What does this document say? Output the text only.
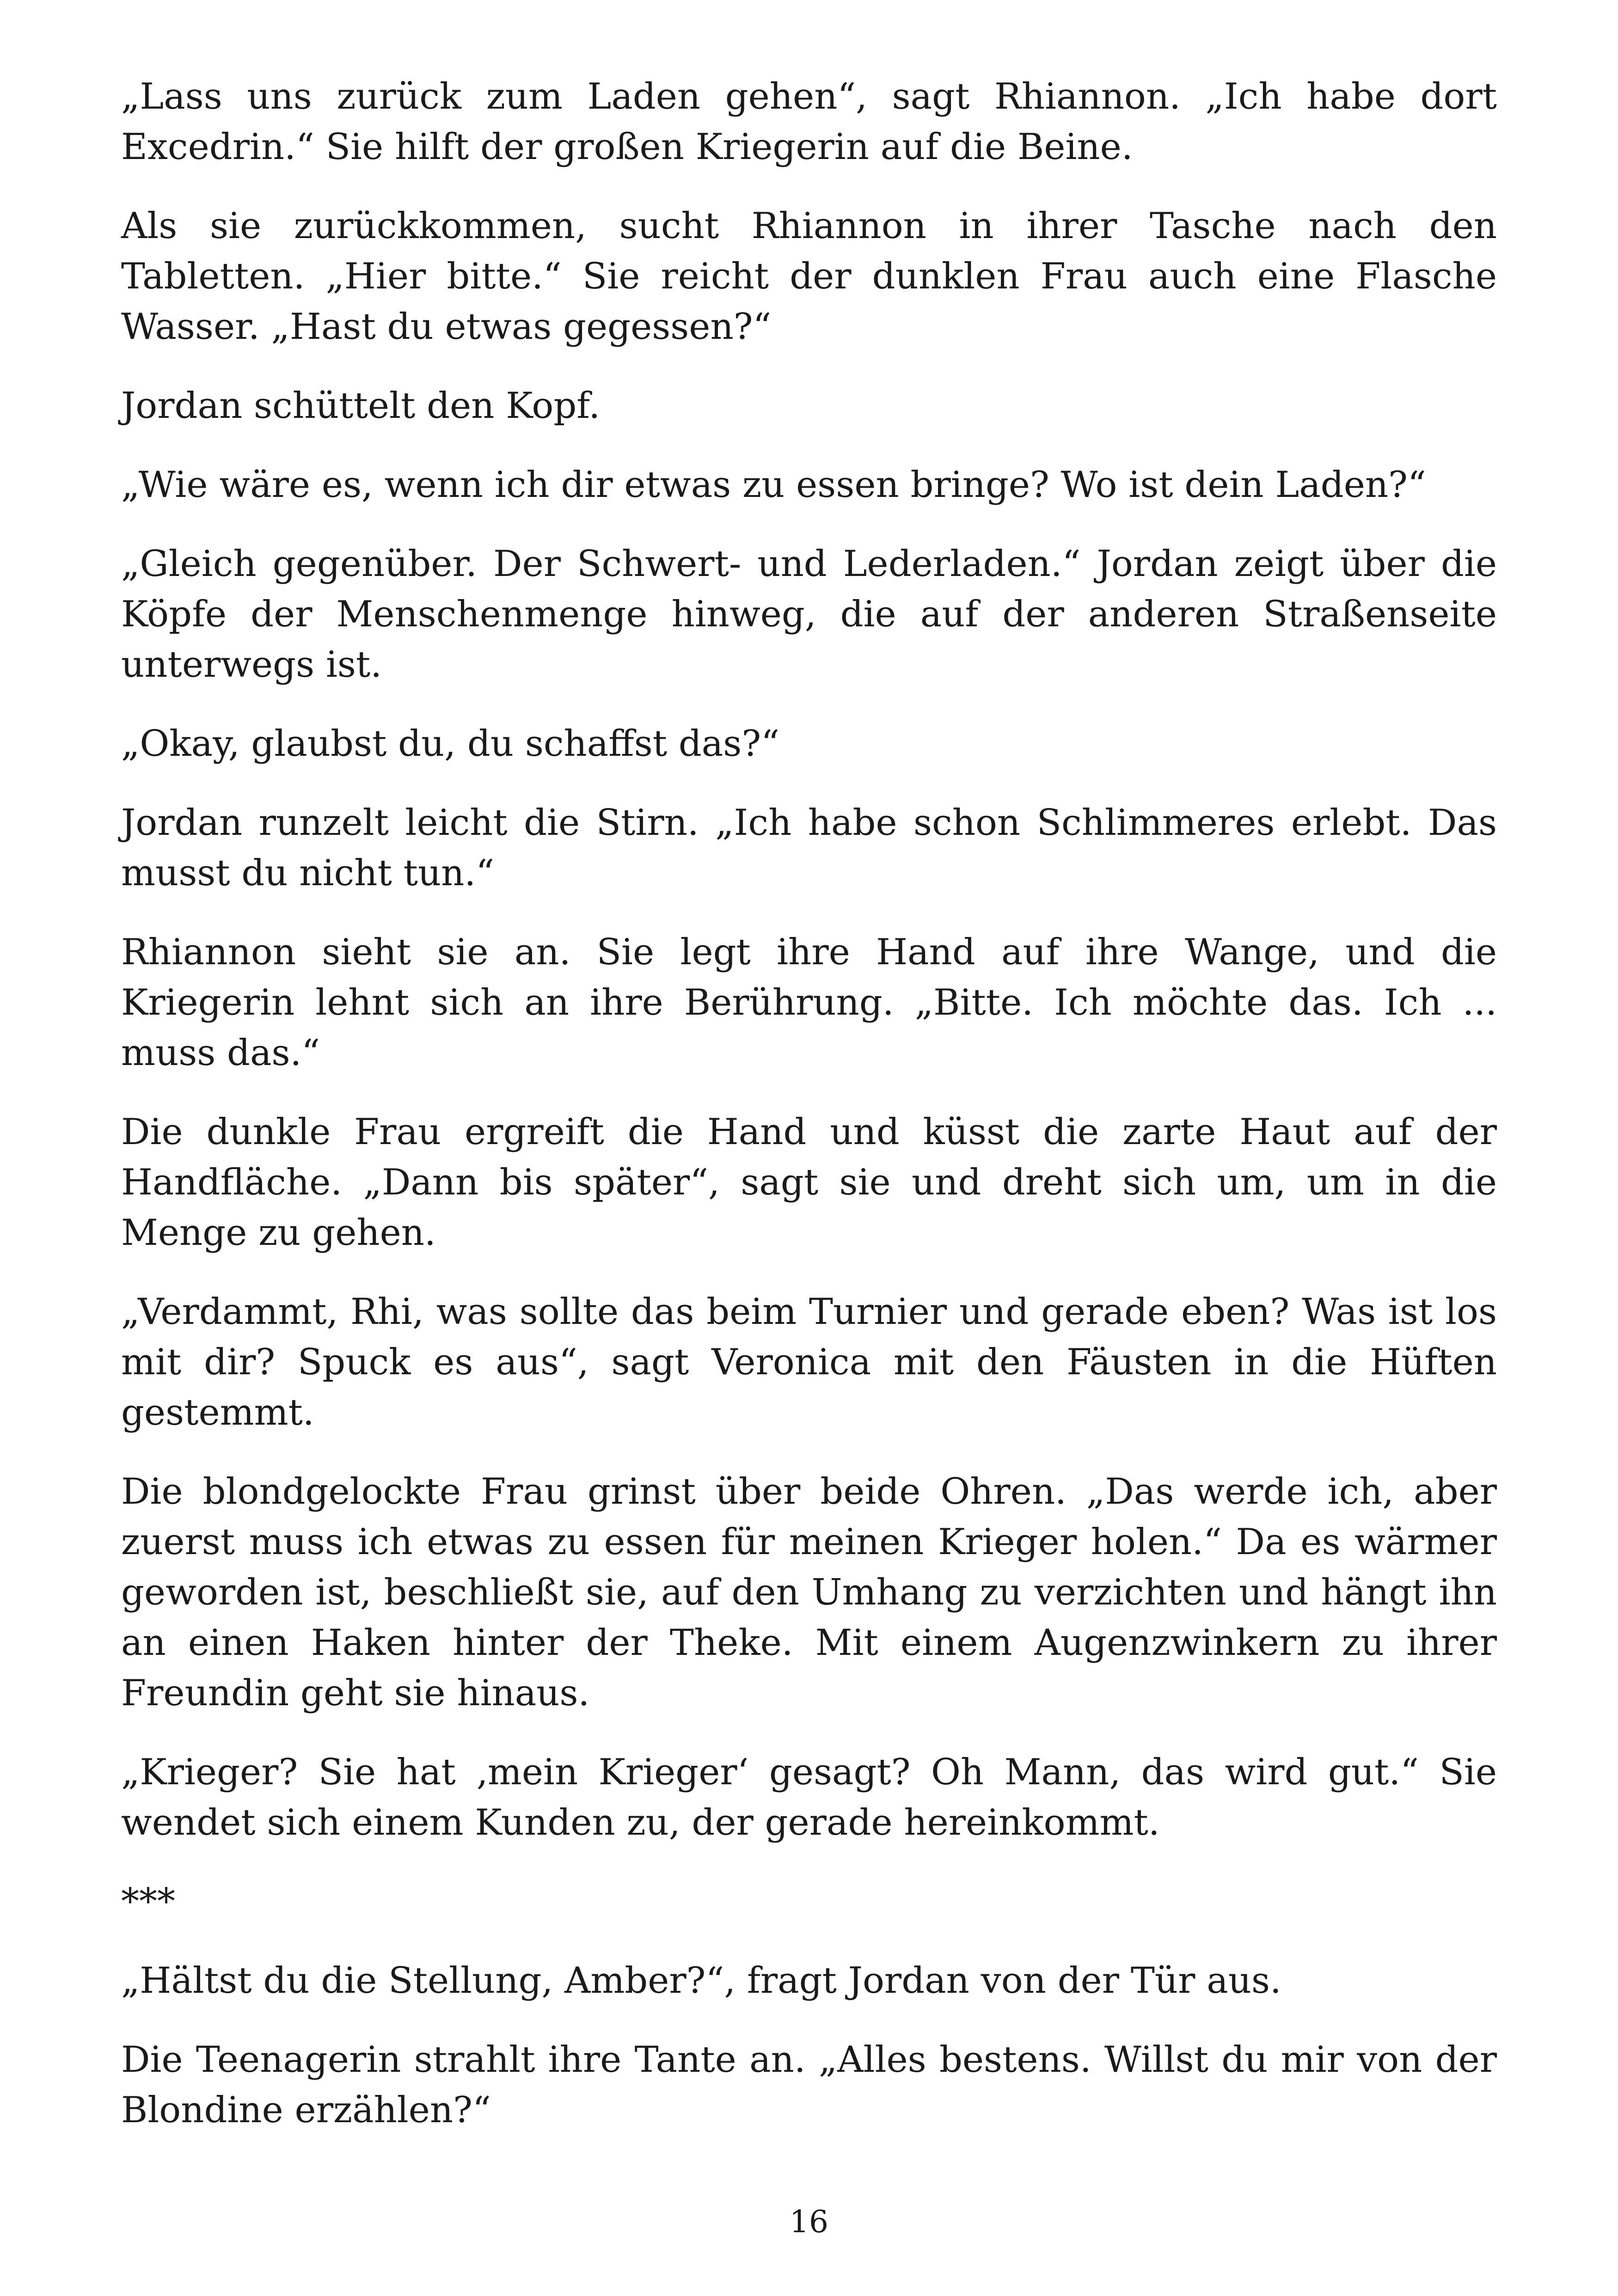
„Lass uns zurück zum Laden gehen“, sagt Rhiannon. „Ich habe dort Excedrin.“ Sie hilft der großen Kriegerin auf die Beine.

Als sie zurückkommen, sucht Rhiannon in ihrer Tasche nach den Tabletten. „Hier bitte.“ Sie reicht der dunklen Frau auch eine Flasche Wasser. „Hast du etwas gegessen?“

Jordan schüttelt den Kopf.

„Wie wäre es, wenn ich dir etwas zu essen bringe? Wo ist dein Laden?“

„Gleich gegenüber. Der Schwert- und Lederladen.“ Jordan zeigt über die Köpfe der Menschenmenge hinweg, die auf der anderen Straßenseite unterwegs ist.

„Okay, glaubst du, du schaffst das?“

Jordan runzelt leicht die Stirn. „Ich habe schon Schlimmeres erlebt. Das musst du nicht tun.“

Rhiannon sieht sie an. Sie legt ihre Hand auf ihre Wange, und die Kriegerin lehnt sich an ihre Berührung. „Bitte. Ich möchte das. Ich ... muss das.“

Die dunkle Frau ergreift die Hand und küsst die zarte Haut auf der Handfläche. „Dann bis später“, sagt sie und dreht sich um, um in die Menge zu gehen.

„Verdammt, Rhi, was sollte das beim Turnier und gerade eben? Was ist los mit dir? Spuck es aus“, sagt Veronica mit den Fäusten in die Hüften gestemmt.

Die blondgelockte Frau grinst über beide Ohren. „Das werde ich, aber zuerst muss ich etwas zu essen für meinen Krieger holen.“ Da es wärmer geworden ist, beschließt sie, auf den Umhang zu verzichten und hängt ihn an einen Haken hinter der Theke. Mit einem Augenzwinkern zu ihrer Freundin geht sie hinaus.

„Krieger? Sie hat ‚mein Krieger‘ gesagt? Oh Mann, das wird gut.“ Sie wendet sich einem Kunden zu, der gerade hereinkommt.

***

„Hältst du die Stellung, Amber?“, fragt Jordan von der Tür aus.

Die Teenagerin strahlt ihre Tante an. „Alles bestens. Willst du mir von der Blondine erzählen?“

16
